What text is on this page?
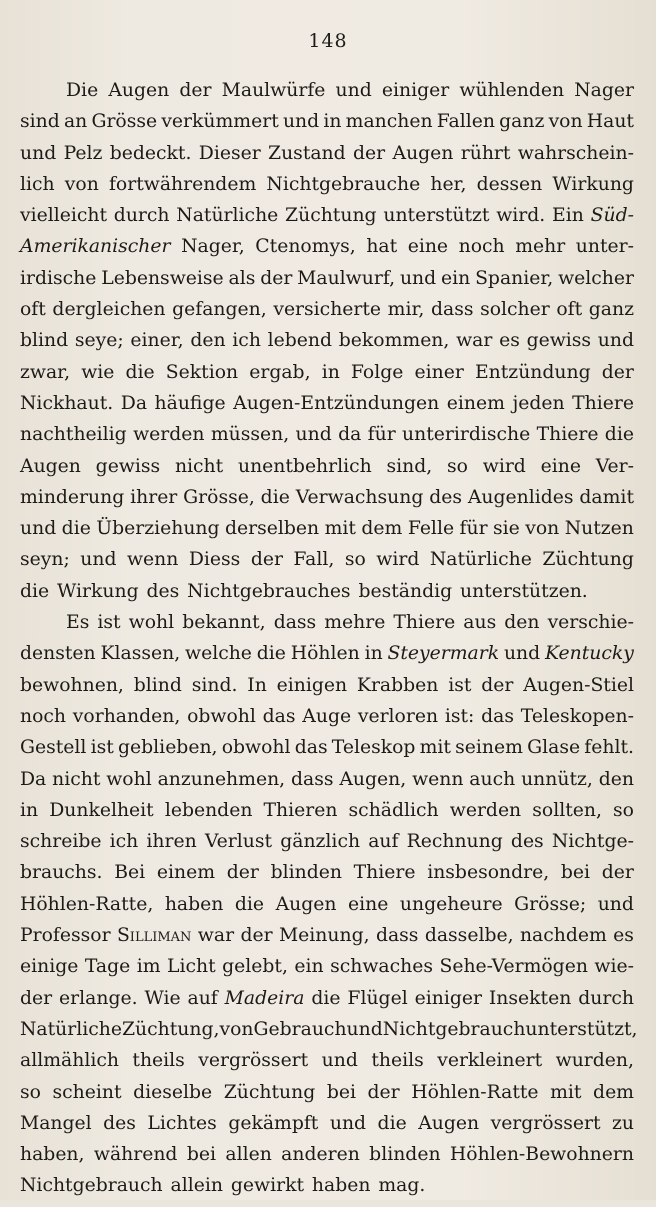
148
Die Augen der Maulwürfe und einiger wühlenden Nager
sind an Grösse verkümmert und in manchen Fallen ganz von Haut
und Pelz bedeckt. Dieser Zustand der Augen rührt wahrschein-
lich von fortwährendem Nichtgebrauche her, dessen Wirkung
vielleicht durch Natürliche Züchtung unterstützt wird. Ein Süd-
Amerikanischer Nager, Ctenomys, hat eine noch mehr unter-
irdische Lebensweise als der Maulwurf, und ein Spanier, welcher
oft dergleichen gefangen, versicherte mir, dass solcher oft ganz
blind seye; einer, den ich lebend bekommen, war es gewiss und
zwar, wie die Sektion ergab, in Folge einer Entzündung der
Nickhaut. Da häufige Augen-Entzündungen einem jeden Thiere
nachtheilig werden müssen, und da für unterirdische Thiere die
Augen gewiss nicht unentbehrlich sind, so wird eine Ver-
minderung ihrer Grösse, die Verwachsung des Augenlides damit
und die Überziehung derselben mit dem Felle für sie von Nutzen
seyn; und wenn Diess der Fall, so wird Natürliche Züchtung
die Wirkung des Nichtgebrauches beständig unterstützen.
Es ist wohl bekannt, dass mehre Thiere aus den verschie-
densten Klassen, welche die Höhlen in Steyermark und Kentucky
bewohnen, blind sind. In einigen Krabben ist der Augen-Stiel
noch vorhanden, obwohl das Auge verloren ist: das Teleskopen-
Gestell ist geblieben, obwohl das Teleskop mit seinem Glase fehlt.
Da nicht wohl anzunehmen, dass Augen, wenn auch unnütz, den
in Dunkelheit lebenden Thieren schädlich werden sollten, so
schreibe ich ihren Verlust gänzlich auf Rechnung des Nichtge-
brauchs. Bei einem der blinden Thiere insbesondre, bei der
Höhlen-Ratte, haben die Augen eine ungeheure Grösse; und
Professor Silliman war der Meinung, dass dasselbe, nachdem es
einige Tage im Licht gelebt, ein schwaches Sehe-Vermögen wie-
der erlange. Wie auf Madeira die Flügel einiger Insekten durch
Natürliche Züchtung, von Gebrauch und Nichtgebrauch unterstützt,
allmählich theils vergrössert und theils verkleinert wurden,
so scheint dieselbe Züchtung bei der Höhlen-Ratte mit dem
Mangel des Lichtes gekämpft und die Augen vergrössert zu
haben, während bei allen anderen blinden Höhlen-Bewohnern
Nichtgebrauch allein gewirkt haben mag.
